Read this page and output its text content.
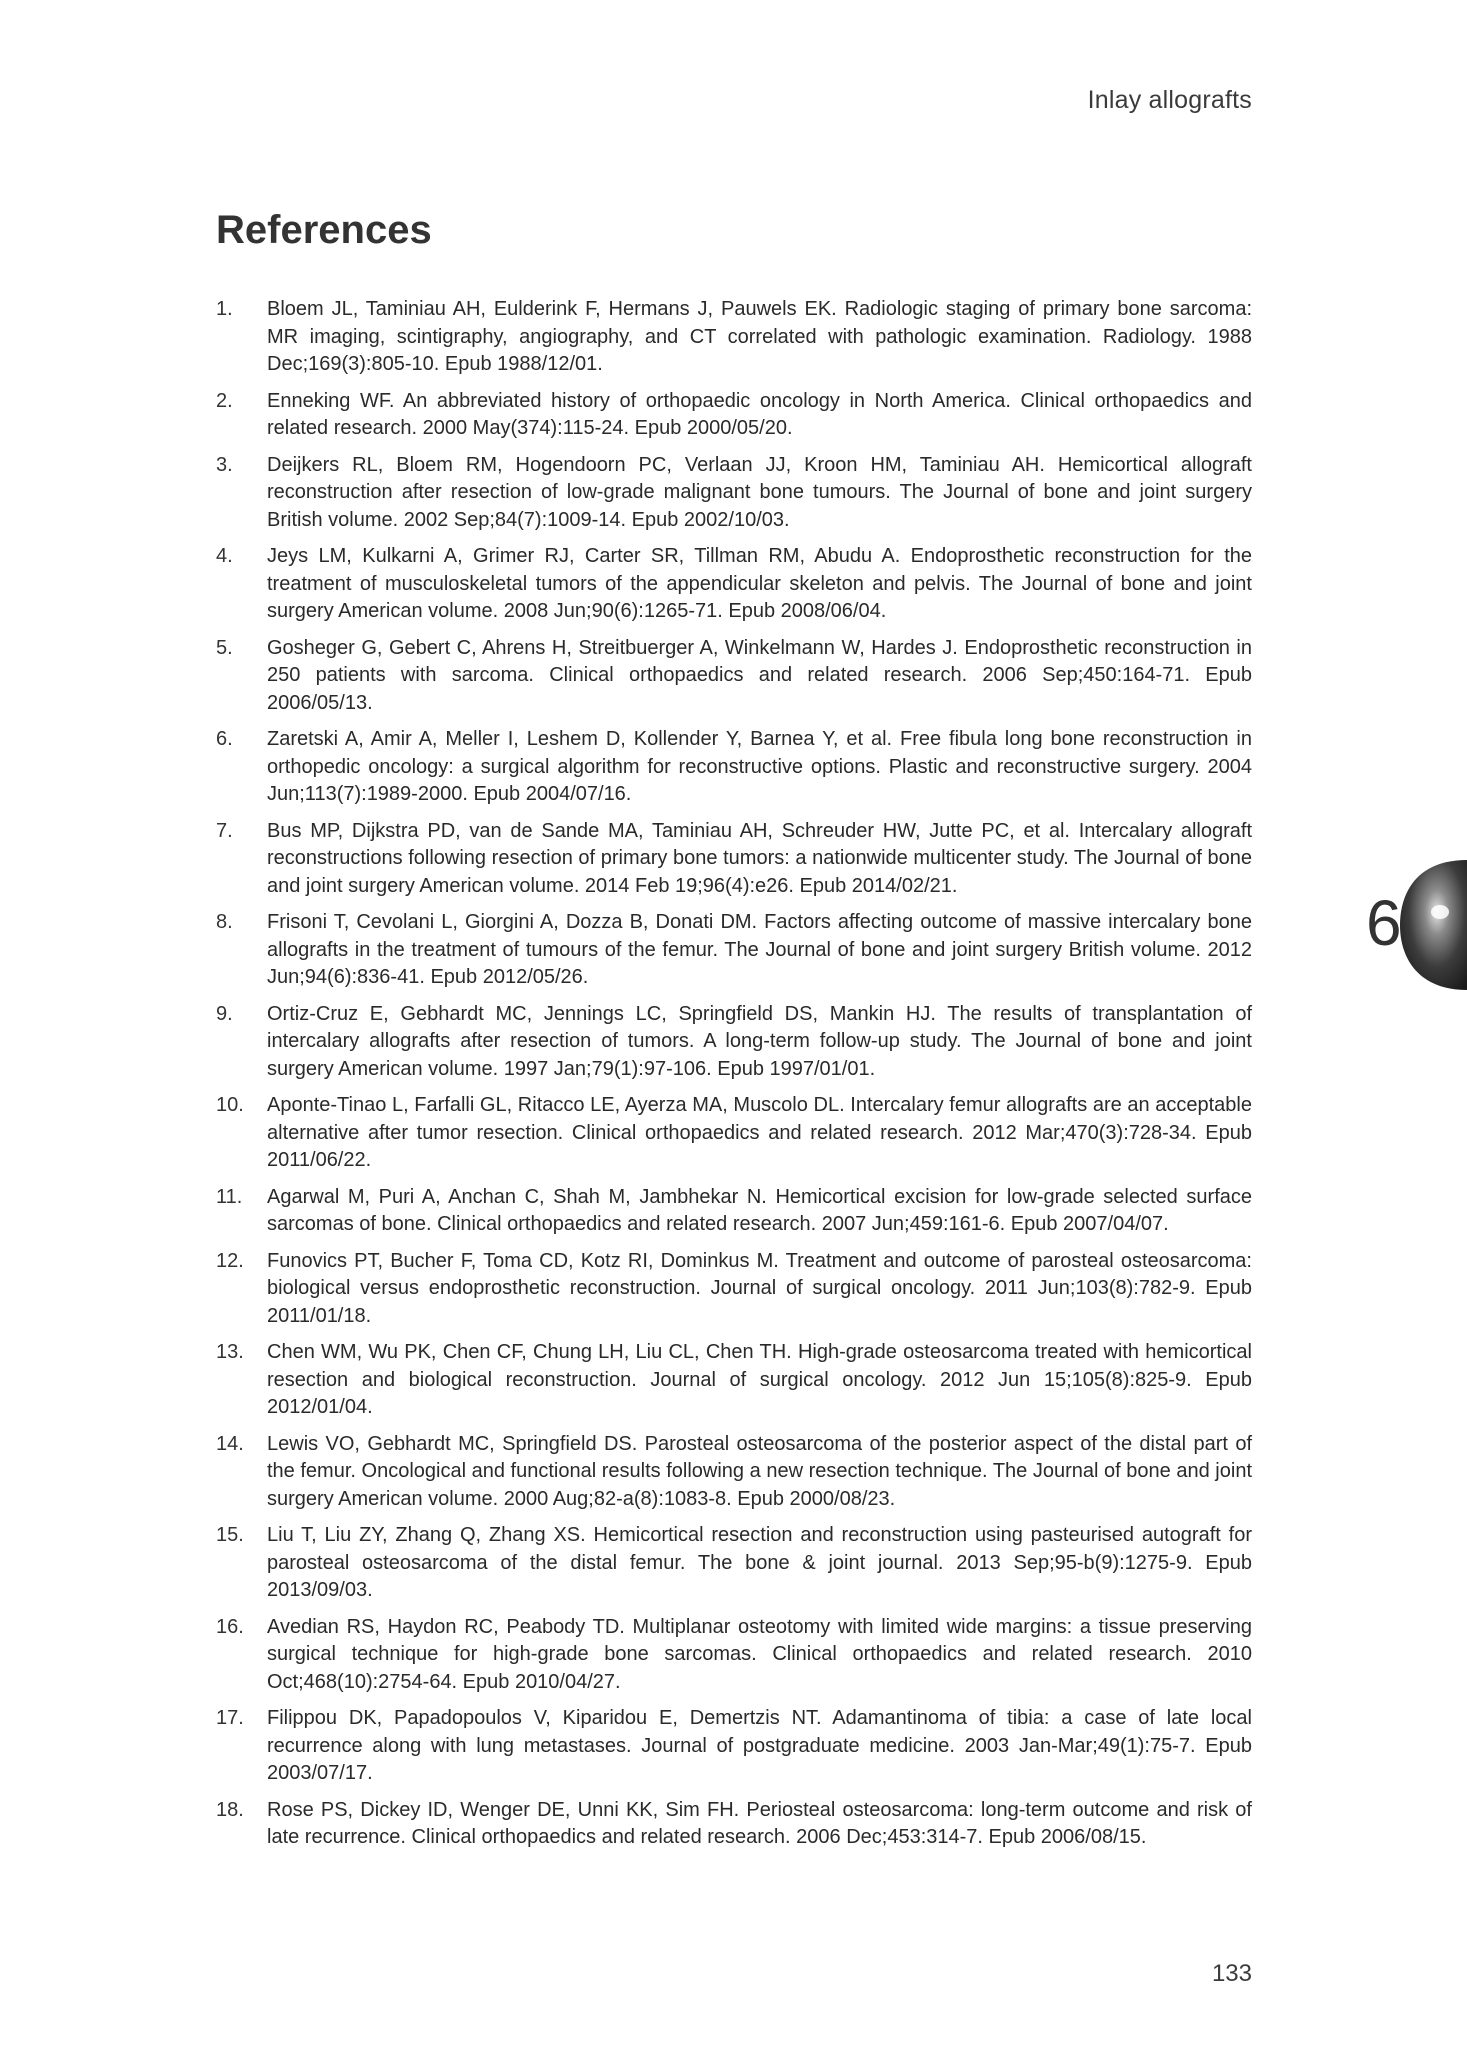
Inlay allografts
References
1.	Bloem JL, Taminiau AH, Eulderink F, Hermans J, Pauwels EK. Radiologic staging of primary bone sarcoma: MR imaging, scintigraphy, angiography, and CT correlated with pathologic examination. Radiology. 1988 Dec;169(3):805-10. Epub 1988/12/01.
2.	Enneking WF. An abbreviated history of orthopaedic oncology in North America. Clinical orthopaedics and related research. 2000 May(374):115-24. Epub 2000/05/20.
3.	Deijkers RL, Bloem RM, Hogendoorn PC, Verlaan JJ, Kroon HM, Taminiau AH. Hemicortical allograft reconstruction after resection of low-grade malignant bone tumours. The Journal of bone and joint surgery British volume. 2002 Sep;84(7):1009-14. Epub 2002/10/03.
4.	Jeys LM, Kulkarni A, Grimer RJ, Carter SR, Tillman RM, Abudu A. Endoprosthetic reconstruction for the treatment of musculoskeletal tumors of the appendicular skeleton and pelvis. The Journal of bone and joint surgery American volume. 2008 Jun;90(6):1265-71. Epub 2008/06/04.
5.	Gosheger G, Gebert C, Ahrens H, Streitbuerger A, Winkelmann W, Hardes J. Endoprosthetic reconstruction in 250 patients with sarcoma. Clinical orthopaedics and related research. 2006 Sep;450:164-71. Epub 2006/05/13.
6.	Zaretski A, Amir A, Meller I, Leshem D, Kollender Y, Barnea Y, et al. Free fibula long bone reconstruction in orthopedic oncology: a surgical algorithm for reconstructive options. Plastic and reconstructive surgery. 2004 Jun;113(7):1989-2000. Epub 2004/07/16.
7.	Bus MP, Dijkstra PD, van de Sande MA, Taminiau AH, Schreuder HW, Jutte PC, et al. Intercalary allograft reconstructions following resection of primary bone tumors: a nationwide multicenter study. The Journal of bone and joint surgery American volume. 2014 Feb 19;96(4):e26. Epub 2014/02/21.
8.	Frisoni T, Cevolani L, Giorgini A, Dozza B, Donati DM. Factors affecting outcome of massive intercalary bone allografts in the treatment of tumours of the femur. The Journal of bone and joint surgery British volume. 2012 Jun;94(6):836-41. Epub 2012/05/26.
9.	Ortiz-Cruz E, Gebhardt MC, Jennings LC, Springfield DS, Mankin HJ. The results of transplantation of intercalary allografts after resection of tumors. A long-term follow-up study. The Journal of bone and joint surgery American volume. 1997 Jan;79(1):97-106. Epub 1997/01/01.
10.	Aponte-Tinao L, Farfalli GL, Ritacco LE, Ayerza MA, Muscolo DL. Intercalary femur allografts are an acceptable alternative after tumor resection. Clinical orthopaedics and related research. 2012 Mar;470(3):728-34. Epub 2011/06/22.
11.	Agarwal M, Puri A, Anchan C, Shah M, Jambhekar N. Hemicortical excision for low-grade selected surface sarcomas of bone. Clinical orthopaedics and related research. 2007 Jun;459:161-6. Epub 2007/04/07.
12.	Funovics PT, Bucher F, Toma CD, Kotz RI, Dominkus M. Treatment and outcome of parosteal osteosarcoma: biological versus endoprosthetic reconstruction. Journal of surgical oncology. 2011 Jun;103(8):782-9. Epub 2011/01/18.
13.	Chen WM, Wu PK, Chen CF, Chung LH, Liu CL, Chen TH. High-grade osteosarcoma treated with hemicortical resection and biological reconstruction. Journal of surgical oncology. 2012 Jun 15;105(8):825-9. Epub 2012/01/04.
14.	Lewis VO, Gebhardt MC, Springfield DS. Parosteal osteosarcoma of the posterior aspect of the distal part of the femur. Oncological and functional results following a new resection technique. The Journal of bone and joint surgery American volume. 2000 Aug;82-a(8):1083-8. Epub 2000/08/23.
15.	Liu T, Liu ZY, Zhang Q, Zhang XS. Hemicortical resection and reconstruction using pasteurised autograft for parosteal osteosarcoma of the distal femur. The bone & joint journal. 2013 Sep;95-b(9):1275-9. Epub 2013/09/03.
16.	Avedian RS, Haydon RC, Peabody TD. Multiplanar osteotomy with limited wide margins: a tissue preserving surgical technique for high-grade bone sarcomas. Clinical orthopaedics and related research. 2010 Oct;468(10):2754-64. Epub 2010/04/27.
17.	Filippou DK, Papadopoulos V, Kiparidou E, Demertzis NT. Adamantinoma of tibia: a case of late local recurrence along with lung metastases. Journal of postgraduate medicine. 2003 Jan-Mar;49(1):75-7. Epub 2003/07/17.
18.	Rose PS, Dickey ID, Wenger DE, Unni KK, Sim FH. Periosteal osteosarcoma: long-term outcome and risk of late recurrence. Clinical orthopaedics and related research. 2006 Dec;453:314-7. Epub 2006/08/15.
6
133
